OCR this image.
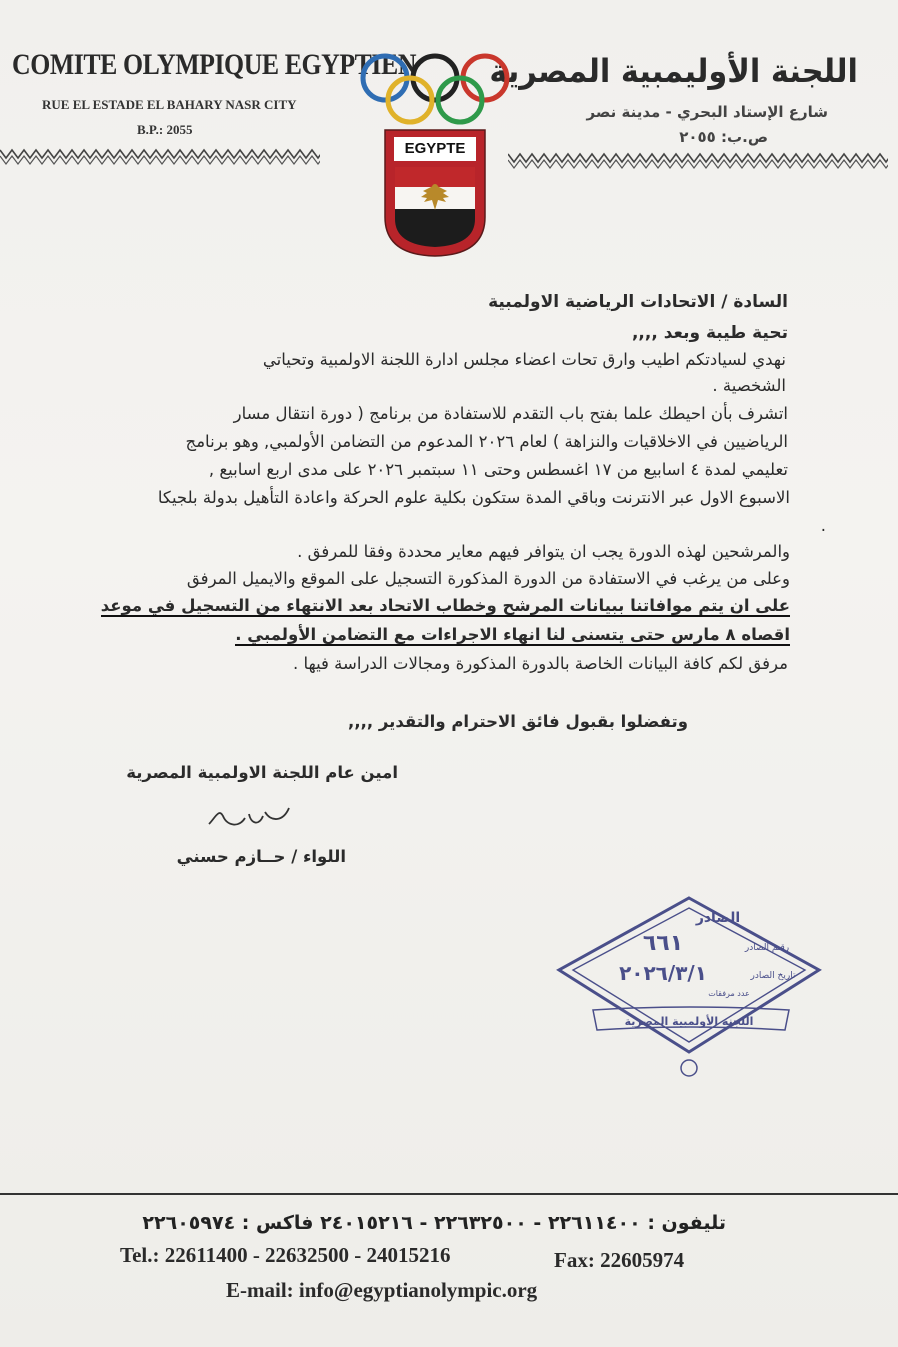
COMITE OLYMPIQUE EGYPTIEN
RUE EL ESTADE EL BAHARY NASR CITY
B.P.: 2055
اللجنة الأوليمبية المصرية
شارع الإستاد البحري - مدينة نصر
ص.ب: ٢٠٥٥
EGYPTE
السادة / الاتحادات الرياضية الاولمبية
تحية طيبة وبعد ,,,,
نهدي لسيادتكم اطيب وارق تحات اعضاء مجلس ادارة اللجنة الاولمبية وتحياتي
الشخصية .
اتشرف بأن احيطك علما بفتح باب التقدم للاستفادة من برنامج ( دورة انتقال مسار
الرياضيين في الاخلاقيات والنزاهة ) لعام ٢٠٢٦ المدعوم من التضامن الأولمبي, وهو برنامج
تعليمي لمدة ٤ اسابيع من ١٧ اغسطس وحتى ١١ سبتمبر ٢٠٢٦ على مدى اربع اسابيع ,
الاسبوع الاول عبر الانترنت وباقي المدة ستكون بكلية علوم الحركة واعادة التأهيل بدولة بلجيكا
.
والمرشحين لهذه الدورة يجب ان يتوافر فيهم معاير محددة وفقا للمرفق .
وعلى من يرغب في الاستفادة من الدورة المذكورة التسجيل على الموقع والايميل المرفق
على ان يتم موافاتنا ببيانات المرشح وخطاب الاتحاد بعد الانتهاء من التسجيل في موعد
اقصاه ٨ مارس حتى يتسنى لنا انهاء الاجراءات مع التضامن الأولمبي .
مرفق لكم كافة البيانات الخاصة بالدورة المذكورة ومجالات الدراسة فيها .
وتفضلوا بقبول فائق الاحترام والتقدير ,,,,
امين عام اللجنة الاولمبية المصرية
اللواء / حــازم حسني
الصادر
رقـم الصادر
٦٦١
تاريخ الصادر
٢٠٢٦/٣/١
عدد مرفقات
اللجنة الأولمبية المصرية
تليفون : ٢٢٦١١٤٠٠ - ٢٢٦٣٢٥٠٠ - ٢٤٠١٥٢١٦ فاكس : ٢٢٦٠٥٩٧٤
Tel.: 22611400 - 22632500 - 24015216	Fax: 22605974
E-mail: info@egyptianolympic.org
